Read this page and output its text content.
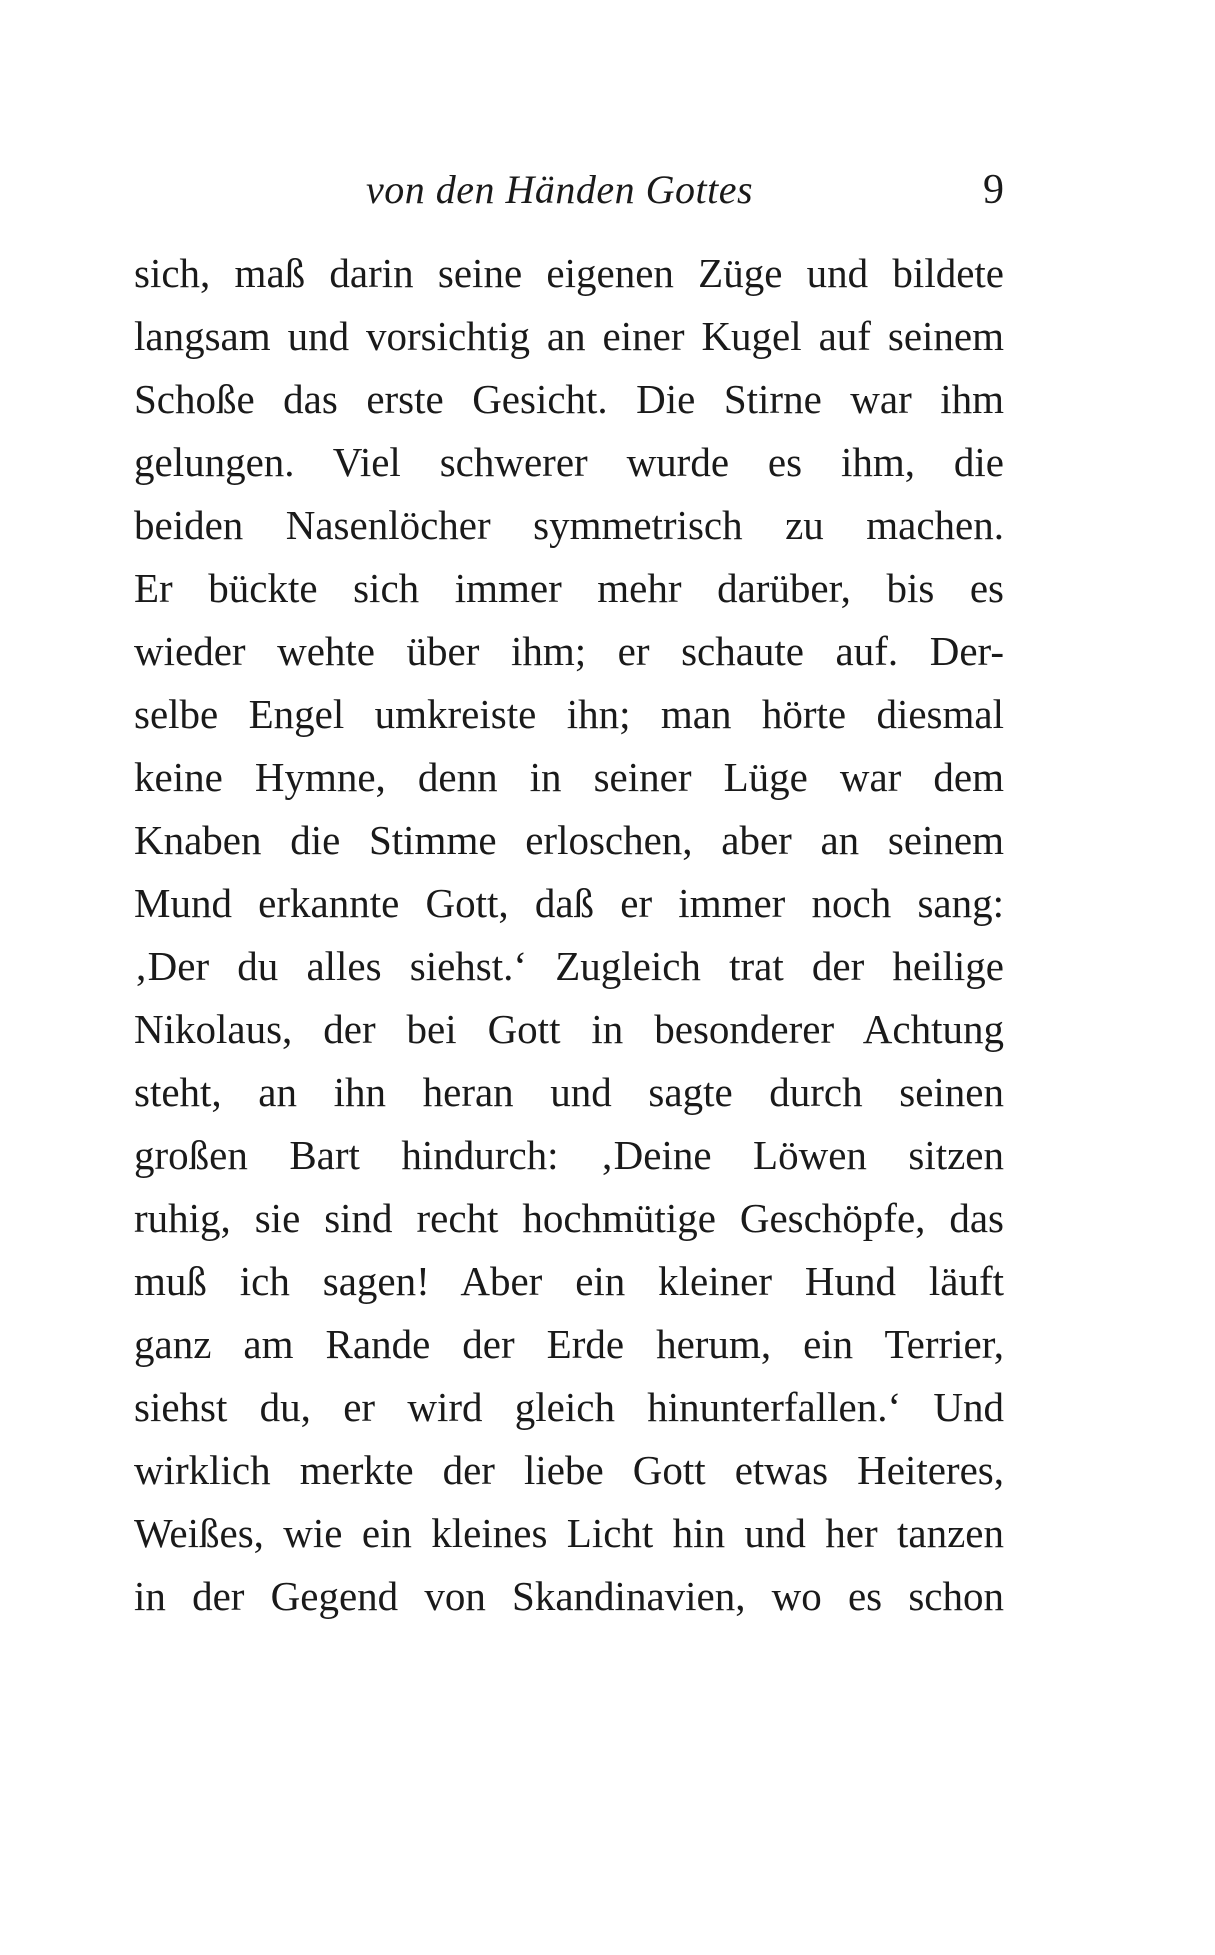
von den Händen Gottes	9
sich, maß darin seine eigenen Züge und bildete
langsam und vorsichtig an einer Kugel auf seinem
Schoße das erste Gesicht. Die Stirne war ihm
gelungen. Viel schwerer wurde es ihm, die
beiden Nasenlöcher symmetrisch zu machen.
Er bückte sich immer mehr darüber, bis es
wieder wehte über ihm; er schaute auf. Der-
selbe Engel umkreiste ihn; man hörte diesmal
keine Hymne, denn in seiner Lüge war dem
Knaben die Stimme erloschen, aber an seinem
Mund erkannte Gott, daß er immer noch sang:
‚Der du alles siehst.‘ Zugleich trat der heilige
Nikolaus, der bei Gott in besonderer Achtung
steht, an ihn heran und sagte durch seinen
großen Bart hindurch: ‚Deine Löwen sitzen
ruhig, sie sind recht hochmütige Geschöpfe, das
muß ich sagen! Aber ein kleiner Hund läuft
ganz am Rande der Erde herum, ein Terrier,
siehst du, er wird gleich hinunterfallen.‘ Und
wirklich merkte der liebe Gott etwas Heiteres,
Weißes, wie ein kleines Licht hin und her tanzen
in der Gegend von Skandinavien, wo es schon
